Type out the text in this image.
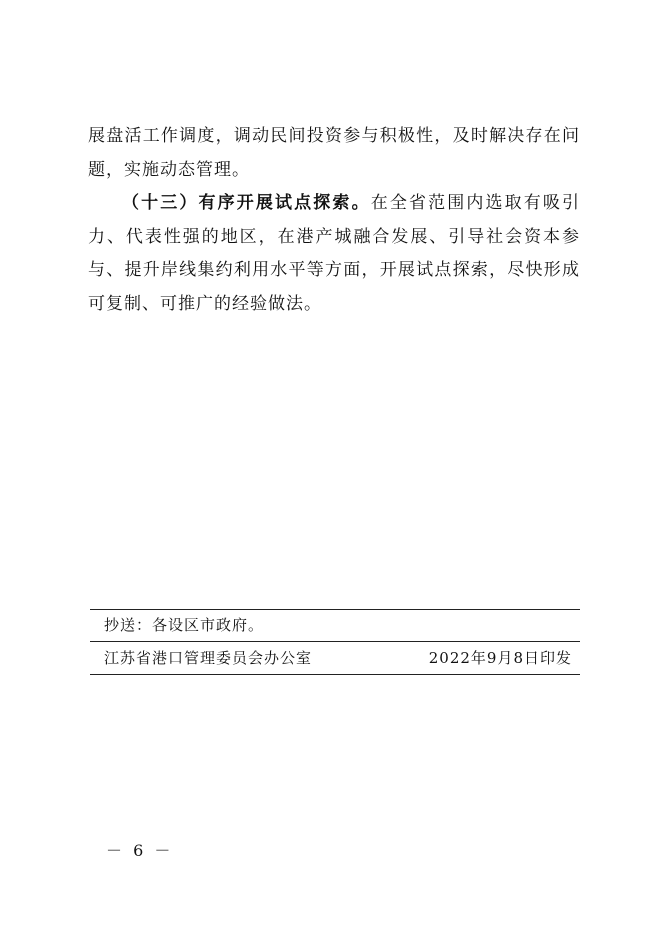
展盘活工作调度，调动民间投资参与积极性，及时解决存在问题，实施动态管理。

（十三）有序开展试点探索。在全省范围内选取有吸引力、代表性强的地区，在港产城融合发展、引导社会资本参与、提升岸线集约利用水平等方面，开展试点探索，尽快形成可复制、可推广的经验做法。

抄送：各设区市政府。
江苏省港口管理委员会办公室	2022年9月8日印发
－ 6 －
